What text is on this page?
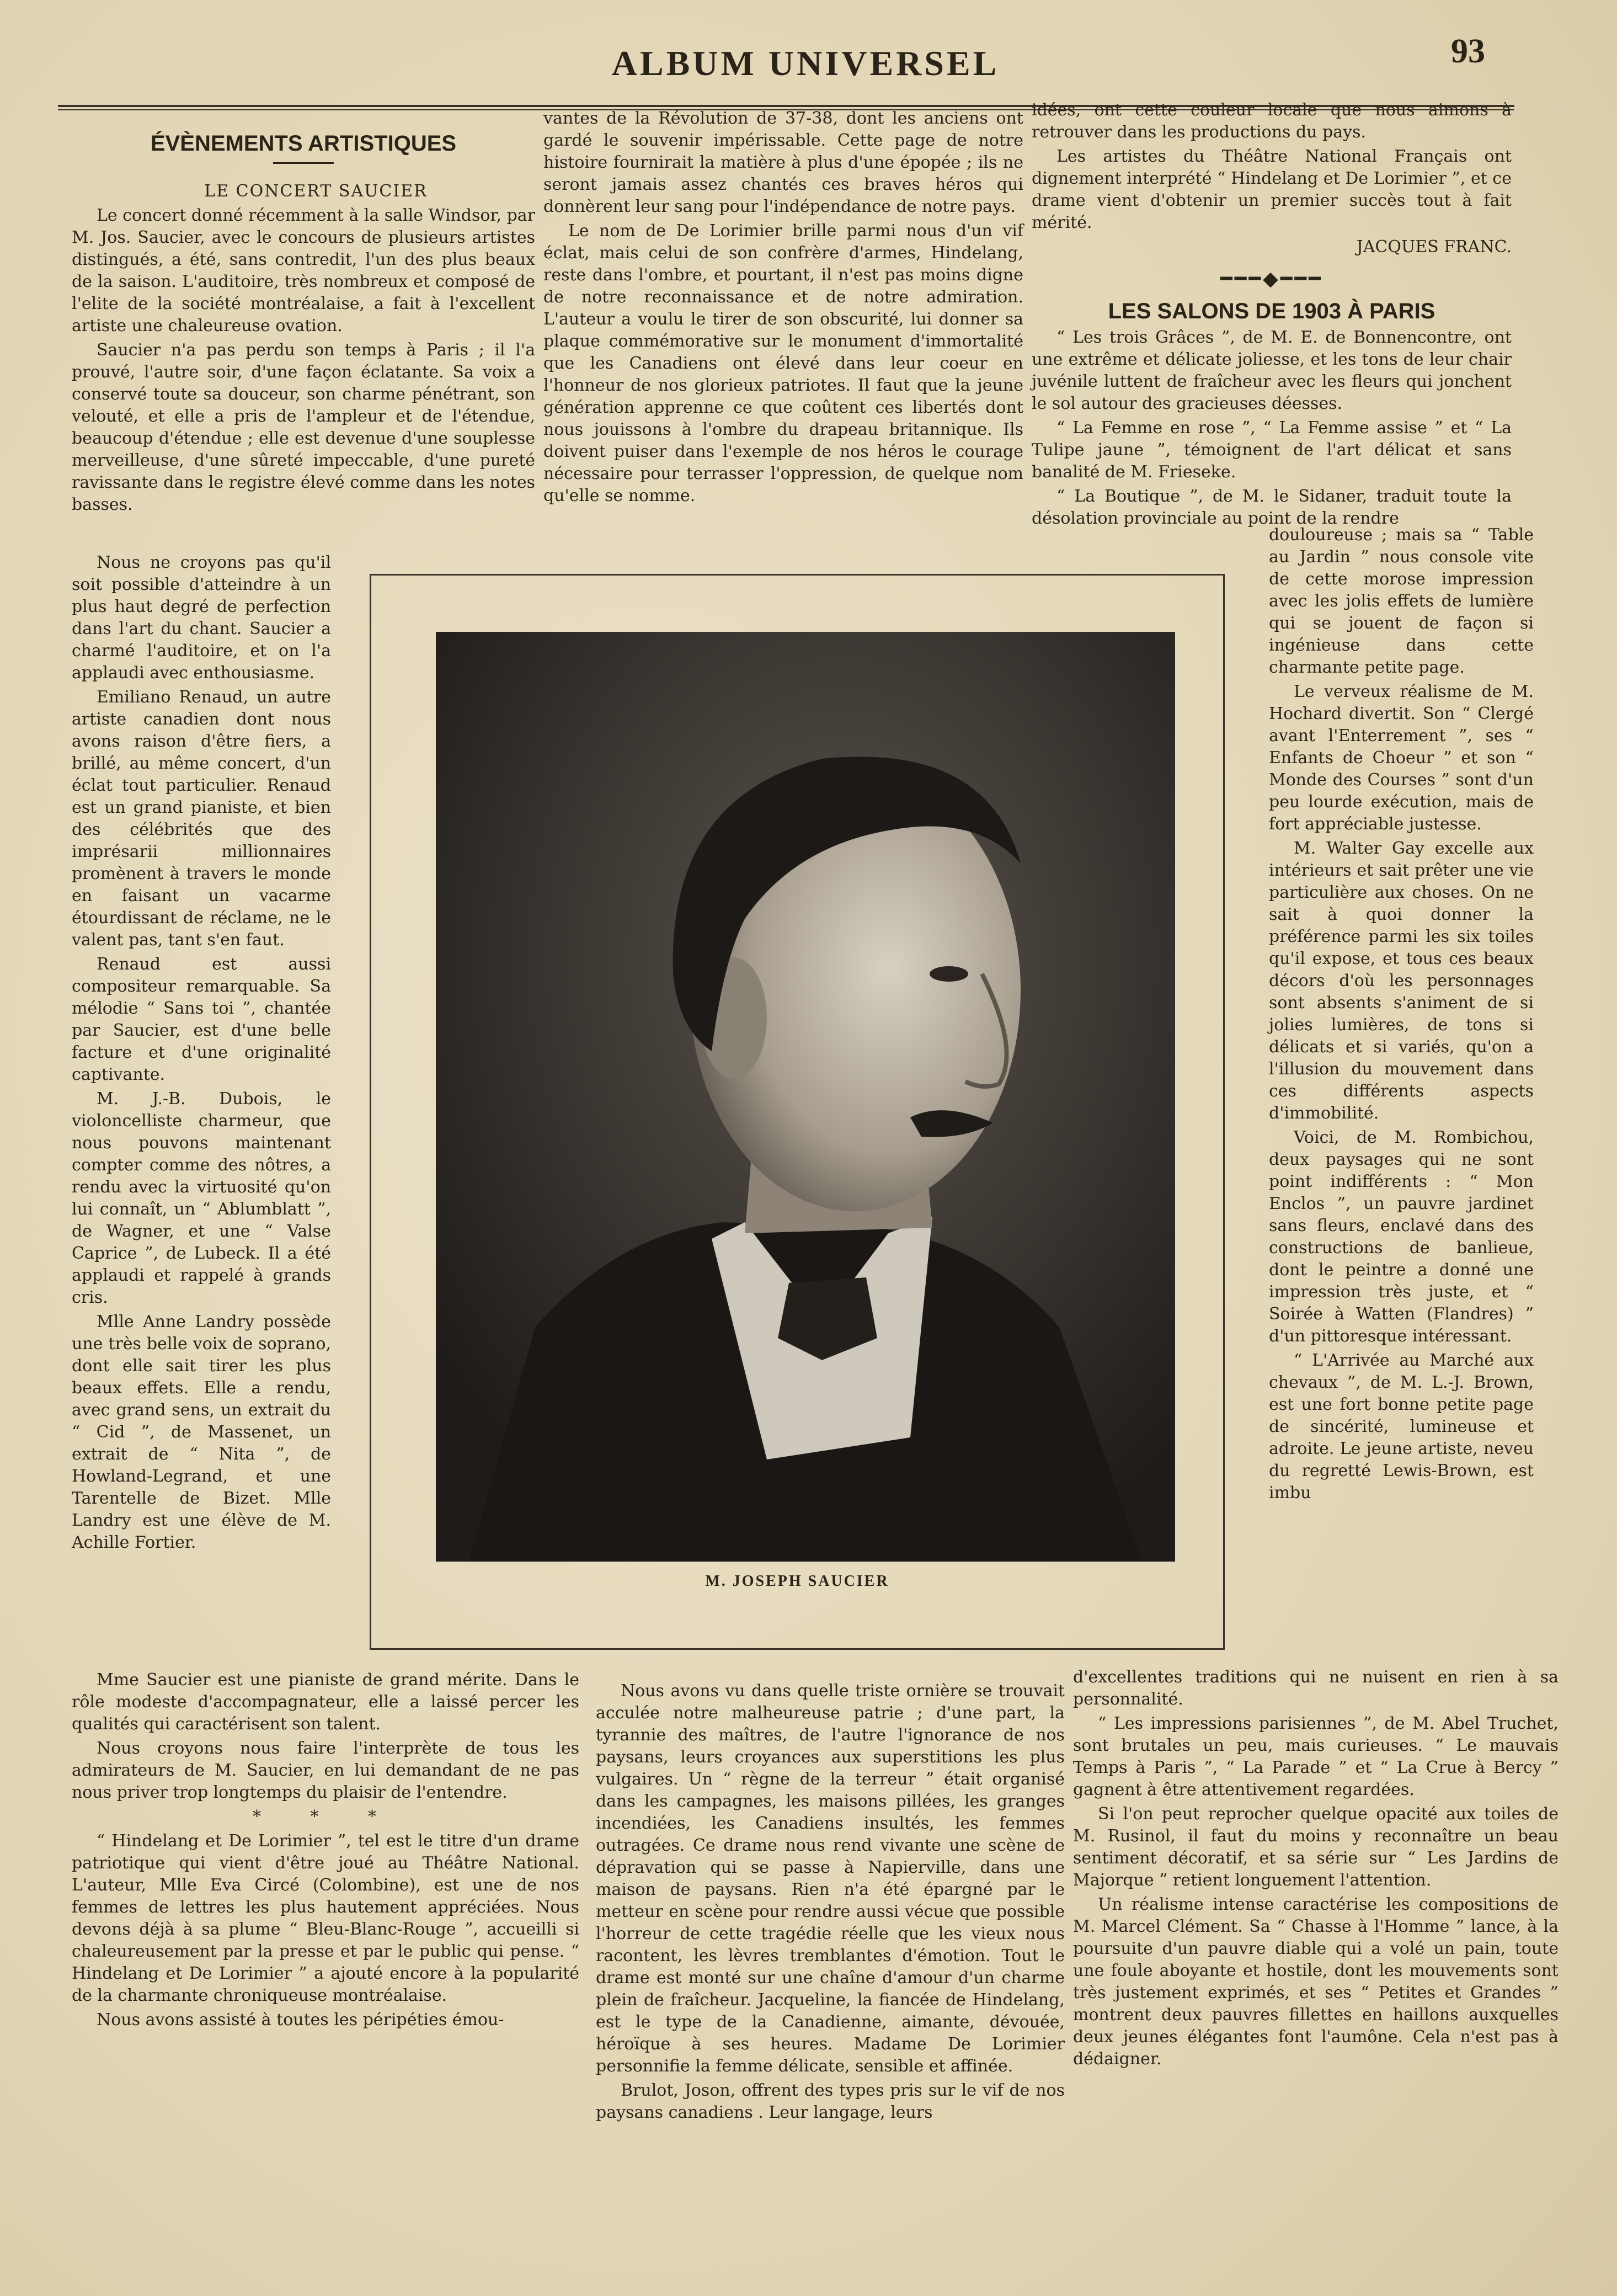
ALBUM UNIVERSEL	93
ÉVÈNEMENTS ARTISTIQUES

LE CONCERT SAUCIER

Le concert donné récemment à la salle Windsor, par M. Jos. Saucier, avec le concours de plusieurs artistes distingués, a été, sans contredit, l'un des plus beaux de la saison. L'auditoire, très nombreux et composé de l'elite de la société montréalaise, a fait à l'excellent artiste une chaleureuse ovation.

Saucier n'a pas perdu son temps à Paris ; il l'a prouvé, l'autre soir, d'une façon éclatante. Sa voix a conservé toute sa douceur, son charme pénétrant, son velouté, et elle a pris de l'ampleur et de l'étendue, beaucoup d'étendue ; elle est devenue d'une souplesse merveilleuse, d'une sûreté impeccable, d'une pureté ravissante dans le registre élevé comme dans les notes basses.

Nous ne croyons pas qu'il soit possible d'atteindre à un plus haut degré de perfection dans l'art du chant. Saucier a charmé l'auditoire, et on l'a applaudi avec enthousiasme.

Emiliano Renaud, un autre artiste canadien dont nous avons raison d'être fiers, a brillé, au même concert, d'un éclat tout particulier. Renaud est un grand pianiste, et bien des célébrités que des imprésarii millionnaires promènent à travers le monde en faisant un vacarme étourdissant de réclame, ne le valent pas, tant s'en faut.

Renaud est aussi compositeur remarquable. Sa mélodie “ Sans toi ”, chantée par Saucier, est d'une belle facture et d'une originalité captivante.

M. J.-B. Dubois, le violoncelliste charmeur, que nous pouvons maintenant compter comme des nôtres, a rendu avec la virtuosité qu'on lui connaît, un “ Ablumblatt ”, de Wagner, et une “ Valse Caprice ”, de Lubeck. Il a été applaudi et rappelé à grands cris.

Mlle Anne Landry possède une très belle voix de soprano, dont elle sait tirer les plus beaux effets. Elle a rendu, avec grand sens, un extrait du “ Cid ”, de Massenet, un extrait de “ Nita ”, de Howland-Legrand, et une Tarentelle de Bizet. Mlle Landry est une élève de M. Achille Fortier.

vantes de la Révolution de 37-38, dont les anciens ont gardé le souvenir impérissable. Cette page de notre histoire fournirait la matière à plus d'une épopée ; ils ne seront jamais assez chantés ces braves héros qui donnèrent leur sang pour l'indépendance de notre pays.

Le nom de De Lorimier brille parmi nous d'un vif éclat, mais celui de son confrère d'armes, Hindelang, reste dans l'ombre, et pourtant, il n'est pas moins digne de notre reconnaissance et de notre admiration. L'auteur a voulu le tirer de son obscurité, lui donner sa plaque commémorative sur le monument d'immortalité que les Canadiens ont élevé dans leur coeur en l'honneur de nos glorieux patriotes. Il faut que la jeune génération apprenne ce que coûtent ces libertés dont nous jouissons à l'ombre du drapeau britannique. Ils doivent puiser dans l'exemple de nos héros le courage nécessaire pour terrasser l'oppression, de quelque nom qu'elle se nomme.

idées, ont cette couleur locale que nous aimons à retrouver dans les productions du pays.

Les artistes du Théâtre National Français ont dignement interprété “ Hindelang et De Lorimier ”, et ce drame vient d'obtenir un premier succès tout à fait mérité.

JACQUES FRANC.
━━━◆━━━
LES SALONS DE 1903 À PARIS

“ Les trois Grâces ”, de M. E. de Bonnencontre, ont une extrême et délicate joliesse, et les tons de leur chair juvénile luttent de fraîcheur avec les fleurs qui jonchent le sol autour des gracieuses déesses.

“ La Femme en rose ”, “ La Femme assise ” et “ La Tulipe jaune ”, témoignent de l'art délicat et sans banalité de M. Frieseke.

“ La Boutique ”, de M. le Sidaner, traduit toute la désolation provinciale au point de la rendre

douloureuse ; mais sa “ Table au Jardin ” nous console vite de cette morose impression avec les jolis effets de lumière qui se jouent de façon si ingénieuse dans cette charmante petite page.

Le verveux réalisme de M. Hochard divertit. Son “ Clergé avant l'Enterrement ”, ses “ Enfants de Choeur ” et son “ Monde des Courses ” sont d'un peu lourde exécution, mais de fort appréciable justesse.

M. Walter Gay excelle aux intérieurs et sait prêter une vie particulière aux choses. On ne sait à quoi donner la préférence parmi les six toiles qu'il expose, et tous ces beaux décors d'où les personnages sont absents s'animent de si jolies lumières, de tons si délicats et si variés, qu'on a l'illusion du mouvement dans ces différents aspects d'immobilité.

Voici, de M. Rombichou, deux paysages qui ne sont point indifférents : “ Mon Enclos ”, un pauvre jardinet sans fleurs, enclavé dans des constructions de banlieue, dont le peintre a donné une impression très juste, et “ Soirée à Watten (Flandres) ” d'un pittoresque intéressant.

“ L'Arrivée au Marché aux chevaux ”, de M. L.-J. Brown, est une fort bonne petite page de sincérité, lumineuse et adroite. Le jeune artiste, neveu du regretté Lewis-Brown, est imbu

M. JOSEPH SAUCIER

Mme Saucier est une pianiste de grand mérite. Dans le rôle modeste d'accompagnateur, elle a laissé percer les qualités qui caractérisent son talent.

Nous croyons nous faire l'interprète de tous les admirateurs de M. Saucier, en lui demandant de ne pas nous priver trop longtemps du plaisir de l'entendre.

* * *

“ Hindelang et De Lorimier ”, tel est le titre d'un drame patriotique qui vient d'être joué au Théâtre National. L'auteur, Mlle Eva Circé (Colombine), est une de nos femmes de lettres les plus hautement appréciées. Nous devons déjà à sa plume “ Bleu-Blanc-Rouge ”, accueilli si chaleureusement par la presse et par le public qui pense. “ Hindelang et De Lorimier ” a ajouté encore à la popularité de la charmante chroniqueuse montréalaise.

Nous avons assisté à toutes les péripéties émou-

Nous avons vu dans quelle triste ornière se trouvait acculée notre malheureuse patrie ; d'une part, la tyrannie des maîtres, de l'autre l'ignorance de nos paysans, leurs croyances aux superstitions les plus vulgaires. Un “ règne de la terreur ” était organisé dans les campagnes, les maisons pillées, les granges incendiées, les Canadiens insultés, les femmes outragées. Ce drame nous rend vivante une scène de dépravation qui se passe à Napierville, dans une maison de paysans. Rien n'a été épargné par le metteur en scène pour rendre aussi vécue que possible l'horreur de cette tragédie réelle que les vieux nous racontent, les lèvres tremblantes d'émotion. Tout le drame est monté sur une chaîne d'amour d'un charme plein de fraîcheur. Jacqueline, la fiancée de Hindelang, est le type de la Canadienne, aimante, dévouée, héroïque à ses heures. Madame De Lorimier personnifie la femme délicate, sensible et affinée.

Brulot, Joson, offrent des types pris sur le vif de nos paysans canadiens . Leur langage, leurs

d'excellentes traditions qui ne nuisent en rien à sa personnalité.

“ Les impressions parisiennes ”, de M. Abel Truchet, sont brutales un peu, mais curieuses. “ Le mauvais Temps à Paris ”, “ La Parade ” et “ La Crue à Bercy ” gagnent à être attentivement regardées.

Si l'on peut reprocher quelque opacité aux toiles de M. Rusinol, il faut du moins y reconnaître un beau sentiment décoratif, et sa série sur “ Les Jardins de Majorque ” retient longuement l'attention.

Un réalisme intense caractérise les compositions de M. Marcel Clément. Sa “ Chasse à l'Homme ” lance, à la poursuite d'un pauvre diable qui a volé un pain, toute une foule aboyante et hostile, dont les mouvements sont très justement exprimés, et ses “ Petites et Grandes ” montrent deux pauvres fillettes en haillons auxquelles deux jeunes élégantes font l'aumône. Cela n'est pas à dédaigner.
